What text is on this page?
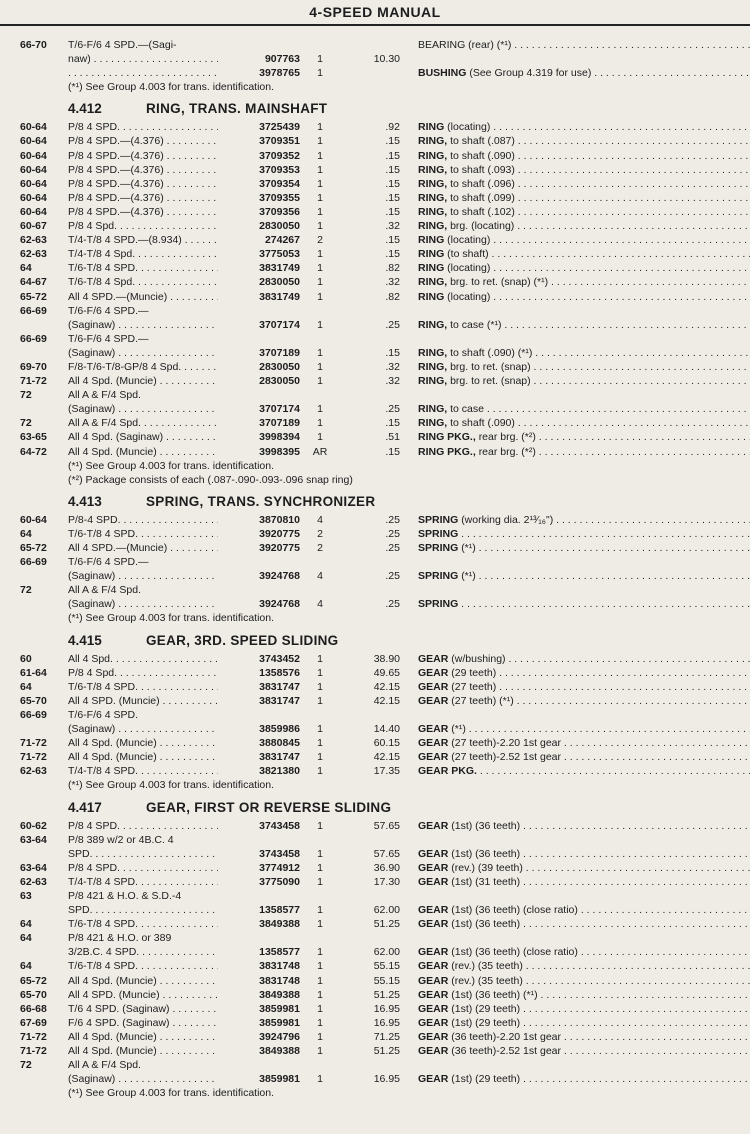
4-SPEED MANUAL
66-70 T/6-F/6 4 SPD.—(Sagi-	BEARING (rear) (*¹) . . .
naw) . . .	907763	1	10.30
. . .
3978765	1	BUSHING (See Group 4.319 for use) . . .
(*¹) See Group 4.003 for trans. identification.
4.412	RING, TRANS. MAINSHAFT
60-64 P/8 4 SPD. . . .	3725439	1	.92 RING (locating) . . .
60-64 P/8 4 SPD.—(4.376) . . .	3709351	1	.15 RING, to shaft (.087) . . .
60-64 P/8 4 SPD.—(4.376) . . .	3709352	1	.15 RING, to shaft (.090) . . .
60-64 P/8 4 SPD.—(4.376) . . .	3709353	1	.15 RING, to shaft (.093) . . .
60-64 P/8 4 SPD.—(4.376) . . .	3709354	1	.15 RING, to shaft (.096) . . .
60-64 P/8 4 SPD.—(4.376) . . .	3709355	1	.15 RING, to shaft (.099) . . .
60-64 P/8 4 SPD.—(4.376) . . .	3709356	1	.15 RING, to shaft (.102) . . .
60-67 P/8 4 Spd. . . .	2830050	1	.32 RING, brg. (locating) . . .
62-63 T/4-T/8 4 SPD.—(8.934) . . .	274267	2	.15 RING (locating) . . .
62-63 T/4-T/8 4 Spd. . . .	3775053	1	.15 RING (to shaft) . . .
64	T/6-T/8 4 SPD. . . .	3831749	1	.82 RING (locating) . . .
64-67 T/6-T/8 4 Spd. . . .	2830050	1	.32 RING, brg. to ret. (snap) (*¹) . . .
65-72 All 4 SPD.—(Muncie) . . .	3831749	1	.82 RING (locating) . . .
66-69 T/6-F/6 4 SPD.—
(Saginaw) . . .	3707174	1	.25 RING, to case (*¹) . . .
66-69 T/6-F/6 4 SPD.—
(Saginaw) . . .	3707189	1	.15 RING, to shaft (.090) (*¹) . . .
69-70 F/8-T/6-T/8-GP/8 4 Spd. . . .	2830050	1	.32 RING, brg. to ret. (snap) . . .
71-72 All 4 Spd. (Muncie) . . .	2830050	1	.32 RING, brg. to ret. (snap) . . .
72	All A & F/4 Spd.
(Saginaw) . . .	3707174	1	.25 RING, to case . . .
72	All A & F/4 Spd. . . .	3707189	1	.15 RING, to shaft (.090) . . .
63-65 All 4 Spd. (Saginaw) . . .	3998394	1	.51 RING PKG., rear brg. (*²) . . .
64-72 All 4 Spd. (Muncie) . . .	3998395	AR	.15 RING PKG., rear brg. (*²) . . .
(*¹) See Group 4.003 for trans. identification.
(*²) Package consists of each (.087-.090-.093-.096 snap ring)
4.413	SPRING, TRANS. SYNCHRONIZER
60-64 P/8-4 SPD. . . .	3870810	4	.25 SPRING (working dia. 2¹³⁄₁₆") . . .
64	T/6-T/8 4 SPD. . . .	3920775	2	.25 SPRING . . .
65-72 All 4 SPD.—(Muncie) . . .	3920775	2	.25 SPRING (*¹) . . .
66-69 T/6-F/6 4 SPD.—
(Saginaw) . . .	3924768	4	.25 SPRING (*¹) . . .
72	All A & F/4 Spd.
(Saginaw) . . .	3924768	4	.25 SPRING . . .
(*¹) See Group 4.003 for trans. identification.
4.415	GEAR, 3RD. SPEED SLIDING
60	All 4 Spd. . . .	3743452	1	38.90 GEAR (w/bushing) . . .
61-64 P/8 4 Spd. . . .	1358576	1	49.65 GEAR (29 teeth) . . .
64	T/6-T/8 4 SPD. . . .	3831747	1	42.15 GEAR (27 teeth) . . .
65-70 All 4 SPD. (Muncie) . . .	3831747	1	42.15 GEAR (27 teeth) (*¹) . . .
66-69 T/6-F/6 4 SPD.
(Saginaw) . . .	3859986	1	14.40 GEAR (*¹) . . .
71-72 All 4 Spd. (Muncie) . . .	3880845	1	60.15 GEAR (27 teeth)-2.20 1st gear . . .
71-72 All 4 Spd. (Muncie) . . .	3831747	1	42.15 GEAR (27 teeth)-2.52 1st gear . . .
62-63 T/4-T/8 4 SPD. . . .	3821380	1	17.35 GEAR PKG. . . .
(*¹) See Group 4.003 for trans. identification.
4.417	GEAR, FIRST OR REVERSE SLIDING
60-62 P/8 4 SPD. . . .	3743458	1	57.65 GEAR (1st) (36 teeth) . . .
63-64 P/8 389 w/2 or 4B.C. 4
SPD. . . .	3743458	1	57.65 GEAR (1st) (36 teeth) . . .
63-64 P/8 4 SPD. . . .	3774912	1	36.90 GEAR (rev.) (39 teeth) . . .
62-63 T/4-T/8 4 SPD. . . .	3775090	1	17.30 GEAR (1st) (31 teeth) . . .
63	P/8 421 & H.O. & S.D.-4
SPD. . . .	1358577	1	62.00 GEAR (1st) (36 teeth) (close ratio) . . .
64	T/6-T/8 4 SPD. . . .	3849388	1	51.25 GEAR (1st) (36 teeth) . . .
64	P/8 421 & H.O. or 389
3/2B.C. 4 SPD. . . .	1358577	1	62.00 GEAR (1st) (36 teeth) (close ratio) . . .
64	T/6-T/8 4 SPD. . . .	3831748	1	55.15 GEAR (rev.) (35 teeth) . . .
65-72 All 4 Spd. (Muncie) . . .	3831748	1	55.15 GEAR (rev.) (35 teeth) . . .
65-70 All 4 SPD. (Muncie) . . .	3849388	1	51.25 GEAR (1st) (36 teeth) (*¹) . . .
66-68 T/6 4 SPD. (Saginaw) . . .	3859981	1	16.95 GEAR (1st) (29 teeth) . . .
67-69 F/6 4 SPD. (Saginaw) . . .	3859981	1	16.95 GEAR (1st) (29 teeth) . . .
71-72 All 4 Spd. (Muncie) . . .	3924796	1	71.25 GEAR (36 teeth)-2.20 1st gear . . .
71-72 All 4 Spd. (Muncie) . . .	3849388	1	51.25 GEAR (36 teeth)-2.52 1st gear . . .
72	All A & F/4 Spd.
(Saginaw) . . .	3859981	1	16.95 GEAR (1st) (29 teeth) . . .
(*¹) See Group 4.003 for trans. identification.
